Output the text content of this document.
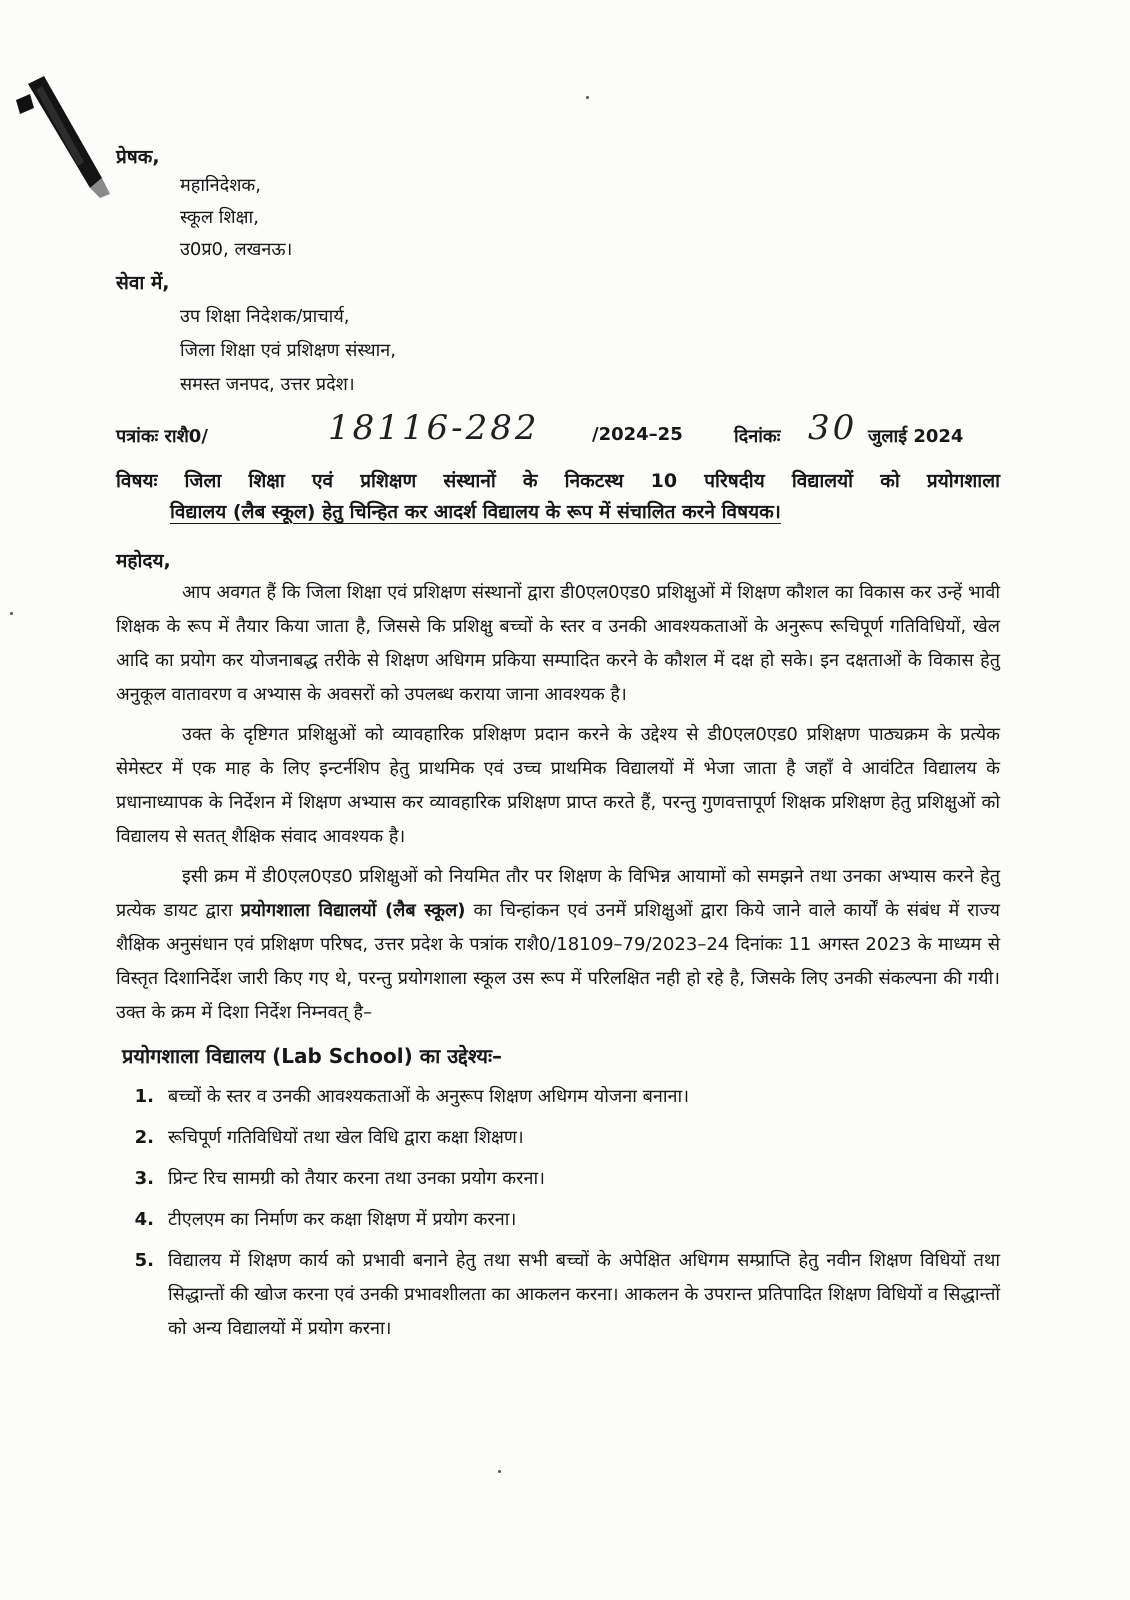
प्रेषक,
महानिदेशक,
स्कूल शिक्षा,
उ0प्र0, लखनऊ।
सेवा में,
उप शिक्षा निदेशक/प्राचार्य,
जिला शिक्षा एवं प्रशिक्षण संस्थान,
समस्त जनपद, उत्तर प्रदेश।
पत्रांकः राशै0/	18116-282	/2024–25	दिनांकः 30 जुलाई 2024
विषयः जिला शिक्षा एवं प्रशिक्षण संस्थानों के निकटस्थ 10 परिषदीय विद्यालयों को प्रयोगशाला
विद्यालय (लैब स्कूल) हेतु चिन्हित कर आदर्श विद्यालय के रूप में संचालित करने विषयक।
महोदय,

आप अवगत हैं कि जिला शिक्षा एवं प्रशिक्षण संस्थानों द्वारा डी0एल0एड0 प्रशिक्षुओं में शिक्षण कौशल का विकास कर उन्हें भावी शिक्षक के रूप में तैयार किया जाता है, जिससे कि प्रशिक्षु बच्चों के स्तर व उनकी आवश्यकताओं के अनुरूप रूचिपूर्ण गतिविधियों, खेल आदि का प्रयोग कर योजनाबद्ध तरीके से शिक्षण अधिगम प्रकिया सम्पादित करने के कौशल में दक्ष हो सके। इन दक्षताओं के विकास हेतु अनुकूल वातावरण व अभ्यास के अवसरों को उपलब्ध कराया जाना आवश्यक है।

उक्त के दृष्टिगत प्रशिक्षुओं को व्यावहारिक प्रशिक्षण प्रदान करने के उद्देश्य से डी0एल0एड0 प्रशिक्षण पाठ्यक्रम के प्रत्येक सेमेस्टर में एक माह के लिए इन्टर्नशिप हेतु प्राथमिक एवं उच्च प्राथमिक विद्यालयों में भेजा जाता है जहाँ वे आवंटित विद्यालय के प्रधानाध्यापक के निर्देशन में शिक्षण अभ्यास कर व्यावहारिक प्रशिक्षण प्राप्त करते हैं, परन्तु गुणवत्तापूर्ण शिक्षक प्रशिक्षण हेतु प्रशिक्षुओं को विद्यालय से सतत् शैक्षिक संवाद आवश्यक है।

इसी क्रम में डी0एल0एड0 प्रशिक्षुओं को नियमित तौर पर शिक्षण के विभिन्न आयामों को समझने तथा उनका अभ्यास करने हेतु प्रत्येक डायट द्वारा प्रयोगशाला विद्यालयों (लैब स्कूल) का चिन्हांकन एवं उनमें प्रशिक्षुओं द्वारा किये जाने वाले कार्यों के संबंध में राज्य शैक्षिक अनुसंधान एवं प्रशिक्षण परिषद, उत्तर प्रदेश के पत्रांक राशै0/18109–79/2023–24 दिनांकः 11 अगस्त 2023 के माध्यम से विस्तृत दिशानिर्देश जारी किए गए थे, परन्तु प्रयोगशाला स्कूल उस रूप में परिलक्षित नही हो रहे है, जिसके लिए उनकी संकल्पना की गयी। उक्त के क्रम में दिशा निर्देश निम्नवत् है–

प्रयोगशाला विद्यालय (Lab School) का उद्देश्यः–
1. बच्चों के स्तर व उनकी आवश्यकताओं के अनुरूप शिक्षण अधिगम योजना बनाना।
2. रूचिपूर्ण गतिविधियों तथा खेल विधि द्वारा कक्षा शिक्षण।
3. प्रिन्ट रिच सामग्री को तैयार करना तथा उनका प्रयोग करना।
4. टीएलएम का निर्माण कर कक्षा शिक्षण में प्रयोग करना।
5. विद्यालय में शिक्षण कार्य को प्रभावी बनाने हेतु तथा सभी बच्चों के अपेक्षित अधिगम सम्प्राप्ति हेतु नवीन शिक्षण विधियों तथा सिद्धान्तों की खोज करना एवं उनकी प्रभावशीलता का आकलन करना। आकलन के उपरान्त प्रतिपादित शिक्षण विधियों व सिद्धान्तों को अन्य विद्यालयों में प्रयोग करना।
